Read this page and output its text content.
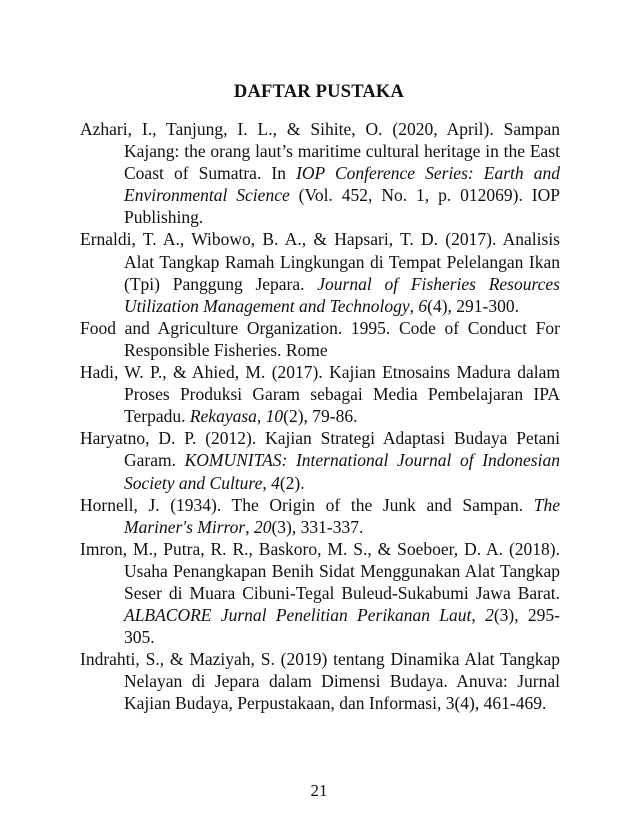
DAFTAR PUSTAKA
Azhari, I., Tanjung, I. L., & Sihite, O. (2020, April). Sampan Kajang: the orang laut’s maritime cultural heritage in the East Coast of Sumatra. In IOP Conference Series: Earth and Environmental Science (Vol. 452, No. 1, p. 012069). IOP Publishing.
Ernaldi, T. A., Wibowo, B. A., & Hapsari, T. D. (2017). Analisis Alat Tangkap Ramah Lingkungan di Tempat Pelelangan Ikan (Tpi) Panggung Jepara. Journal of Fisheries Resources Utilization Management and Technology, 6(4), 291-300.
Food and Agriculture Organization. 1995. Code of Conduct For Responsible Fisheries. Rome
Hadi, W. P., & Ahied, M. (2017). Kajian Etnosains Madura dalam Proses Produksi Garam sebagai Media Pembelajaran IPA Terpadu. Rekayasa, 10(2), 79-86.
Haryatno, D. P. (2012). Kajian Strategi Adaptasi Budaya Petani Garam. KOMUNITAS: International Journal of Indonesian Society and Culture, 4(2).
Hornell, J. (1934). The Origin of the Junk and Sampan. The Mariner's Mirror, 20(3), 331-337.
Imron, M., Putra, R. R., Baskoro, M. S., & Soeboer, D. A. (2018). Usaha Penangkapan Benih Sidat Menggunakan Alat Tangkap Seser di Muara Cibuni-Tegal Buleud-Sukabumi Jawa Barat. ALBACORE Jurnal Penelitian Perikanan Laut, 2(3), 295-305.
Indrahti, S., & Maziyah, S. (2019) tentang Dinamika Alat Tangkap Nelayan di Jepara dalam Dimensi Budaya. Anuva: Jurnal Kajian Budaya, Perpustakaan, dan Informasi, 3(4), 461-469.
21
